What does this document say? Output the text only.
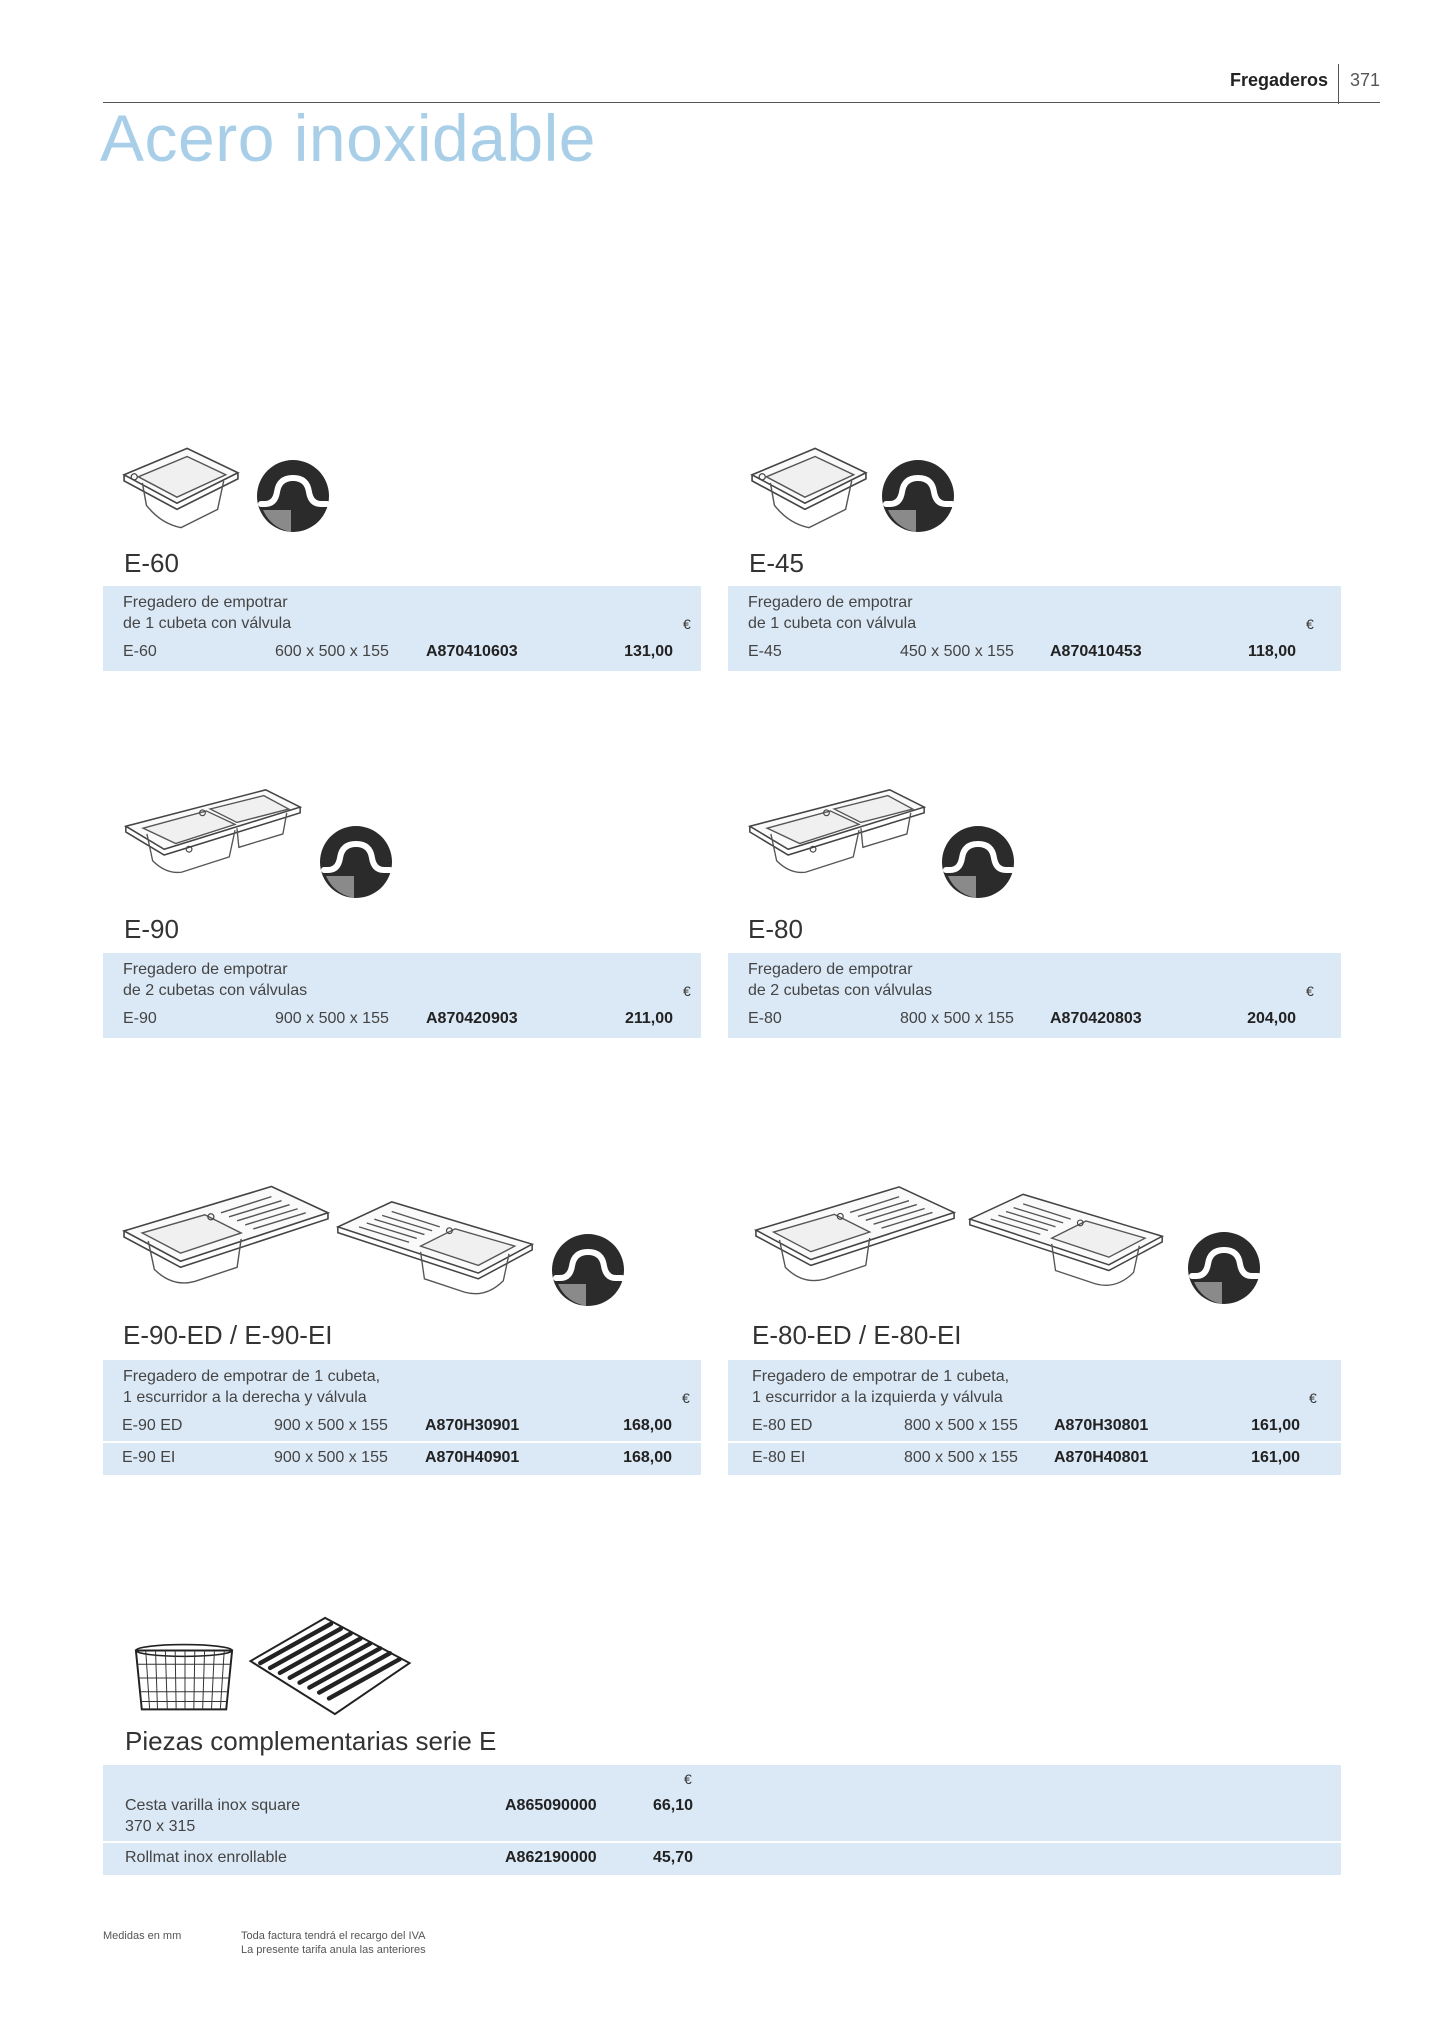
Fregaderos 371
Acero inoxidable
E-60
Fregadero de empotrar
de 1 cubeta con válvula	€
E-60	600 x 500 x 155 A870410603	131,00
E-45
Fregadero de empotrar
de 1 cubeta con válvula	€
E-45	450 x 500 x 155 A870410453	118,00
E-90
Fregadero de empotrar
de 2 cubetas con válvulas	€
E-90	900 x 500 x 155 A870420903	211,00
E-80
Fregadero de empotrar
de 2 cubetas con válvulas	€
E-80	800 x 500 x 155 A870420803	204,00
E-90-ED / E-90-EI
Fregadero de empotrar de 1 cubeta,
1 escurridor a la derecha y válvula	€
E-90 ED	900 x 500 x 155 A870H30901	168,00
E-90 EI	900 x 500 x 155 A870H40901	168,00
E-80-ED / E-80-EI
Fregadero de empotrar de 1 cubeta,
1 escurridor a la izquierda y válvula	€
E-80 ED	800 x 500 x 155 A870H30801	161,00
E-80 EI	800 x 500 x 155 A870H40801	161,00
Piezas complementarias serie E
€
Cesta varilla inox square
370 x 315
A865090000	66,10
Rollmat inox enrollable	A862190000	45,70
Medidas en mm	Toda factura tendrá el recargo del IVA
La presente tarifa anula las anteriores
